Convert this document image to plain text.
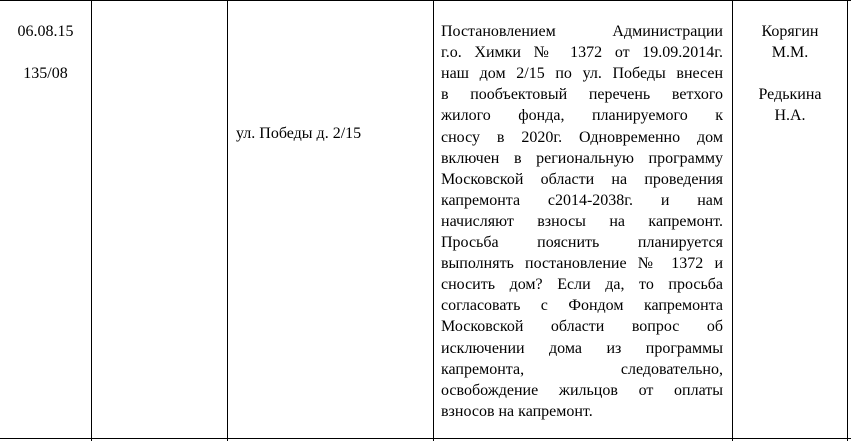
06.08.15
135/08
ул. Победы д. 2/15
Постановлением Администрации
г.о. Химки № 1372 от 19.09.2014г.
наш дом 2/15 по ул. Победы внесен
в пообъектовый перечень ветхого
жилого фонда, планируемого к
сносу в 2020г. Одновременно дом
включен в региональную программу
Московской области на проведения
капремонта с2014-2038г. и нам
начисляют взносы на капремонт.
Просьба пояснить планируется
выполнять постановление № 1372 и
сносить дом? Если да, то просьба
согласовать с Фондом капремонта
Московской области вопрос об
исключении дома из программы
капремонта, следовательно,
освобождение жильцов от оплаты
взносов на капремонт.
Корягин
М.М.
Редькина
Н.А.
